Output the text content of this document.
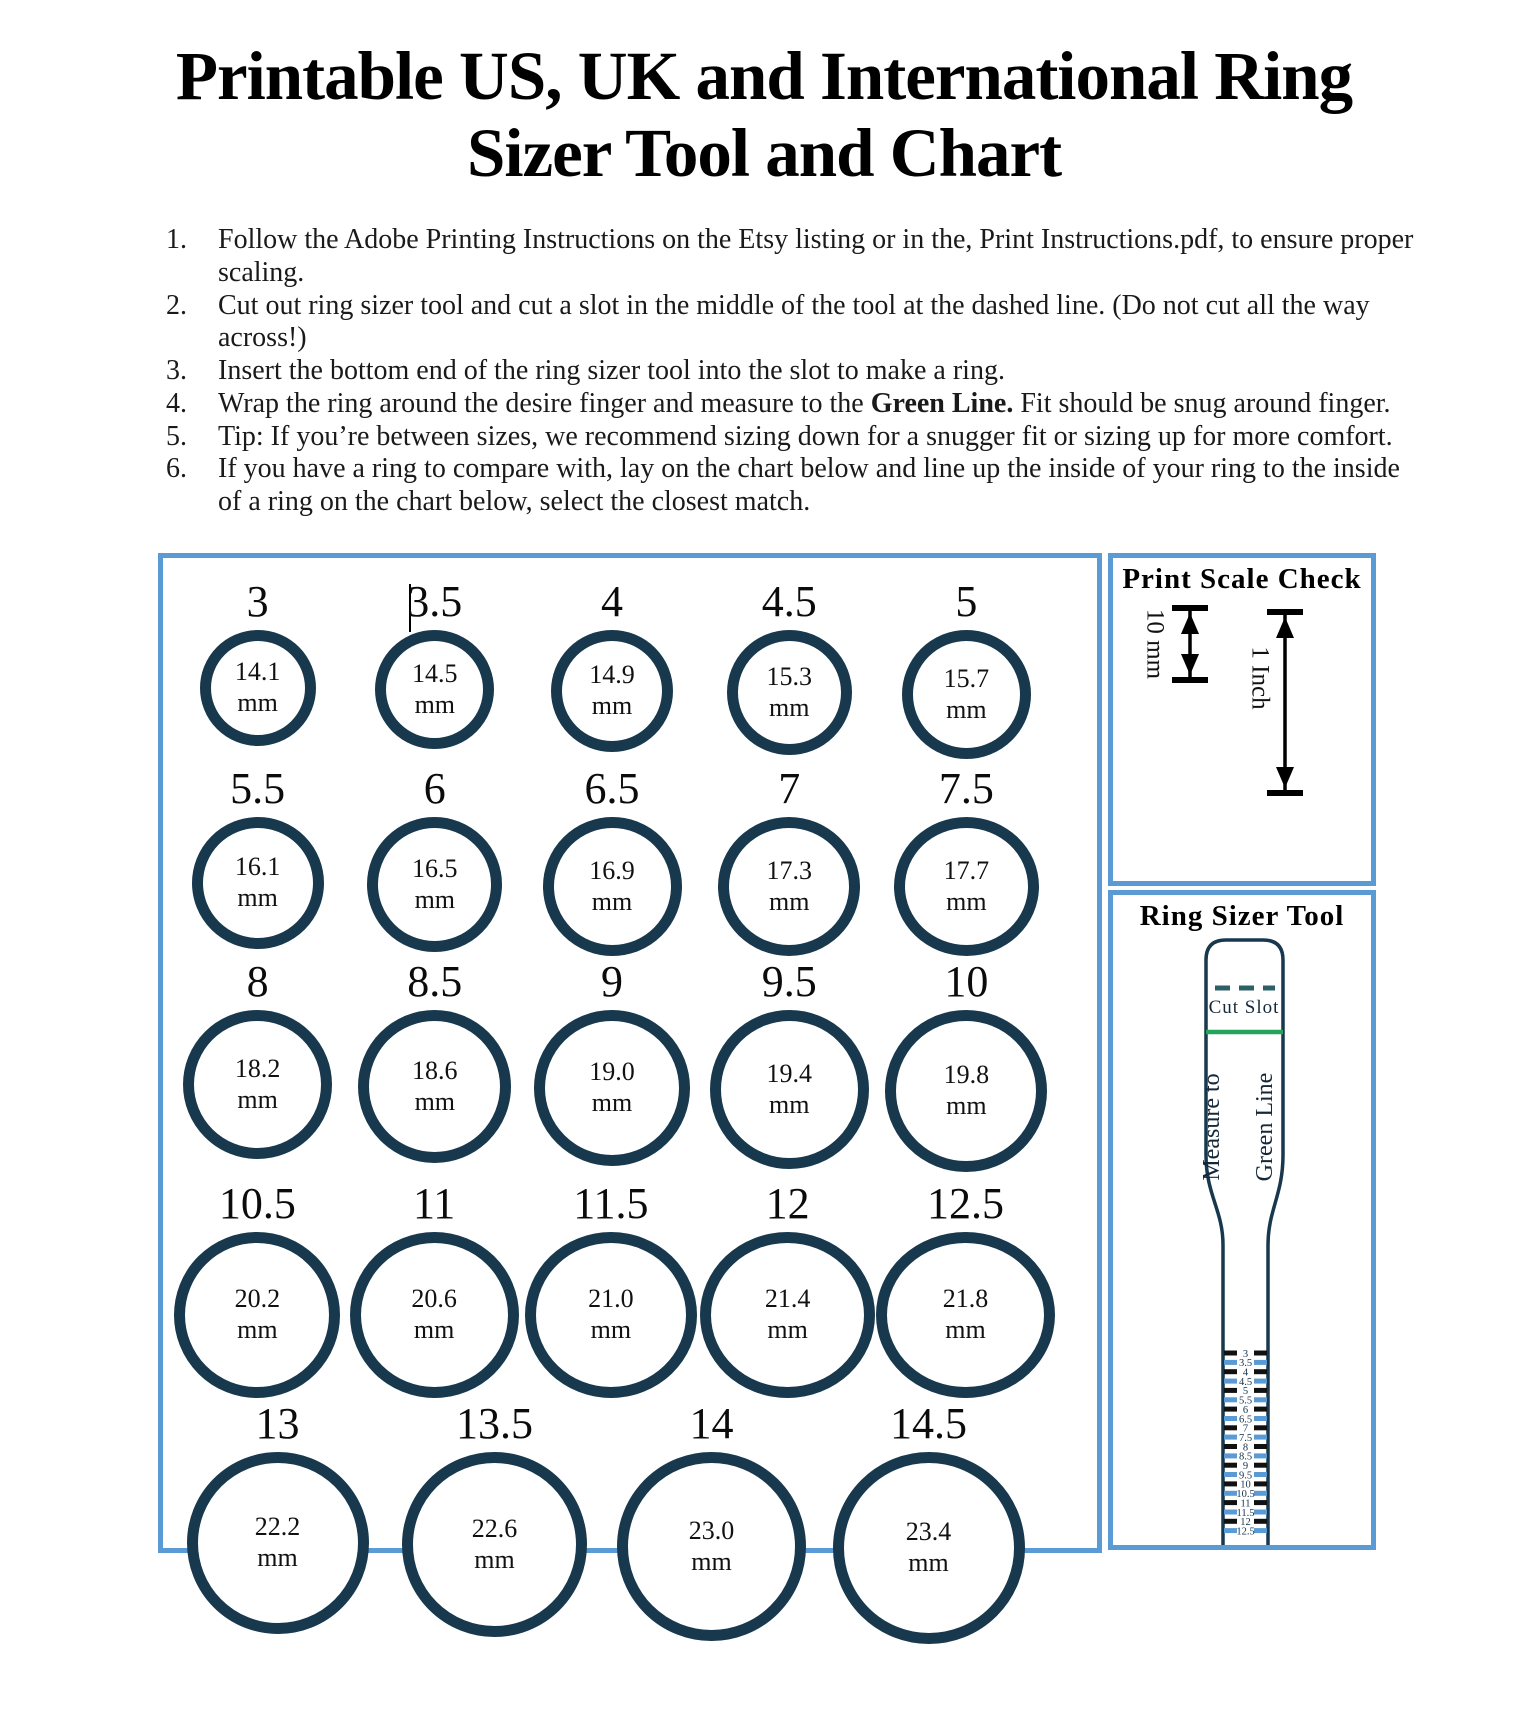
Printable US, UK and International Ring
Sizer Tool and Chart
1.	Follow the Adobe Printing Instructions on the Etsy listing or in the, Print Instructions.pdf, to ensure proper scaling.
2.	Cut out ring sizer tool and cut a slot in the middle of the tool at the dashed line. (Do not cut all the way across!)
3.	Insert the bottom end of the ring sizer tool into the slot to make a ring.
4.	Wrap the ring around the desire finger and measure to the Green Line. Fit should be snug around finger.
5.	Tip: If you’re between sizes, we recommend sizing down for a snugger fit or sizing up for more comfort.
6.	If you have a ring to compare with, lay on the chart below and line up the inside of your ring to the inside of a ring on the chart below, select the closest match.
3
14.1
mm
3.5
14.5
mm
4
14.9
mm
4.5
15.3
mm
5
15.7
mm
5.5
16.1
mm
6
16.5
mm
6.5
16.9
mm
7
17.3
mm
7.5
17.7
mm
8
18.2
mm
8.5
18.6
mm
9
19.0
mm
9.5
19.4
mm
10
19.8
mm
10.5
20.2
mm
11
20.6
mm
11.5
21.0
mm
12
21.4
mm
12.5
21.8
mm
13
22.2
mm
13.5
22.6
mm
14
23.0
mm
14.5
23.4
mm
Print Scale Check
10 mm	1 Inch
Ring Sizer Tool
Cut Slot
Measure to Green Line
3
3.5
4
4.5
5
5.5
6
6.5
7
7.5
8
8.5
9
9.5
10
10.5
11
11.5
12
12.5
